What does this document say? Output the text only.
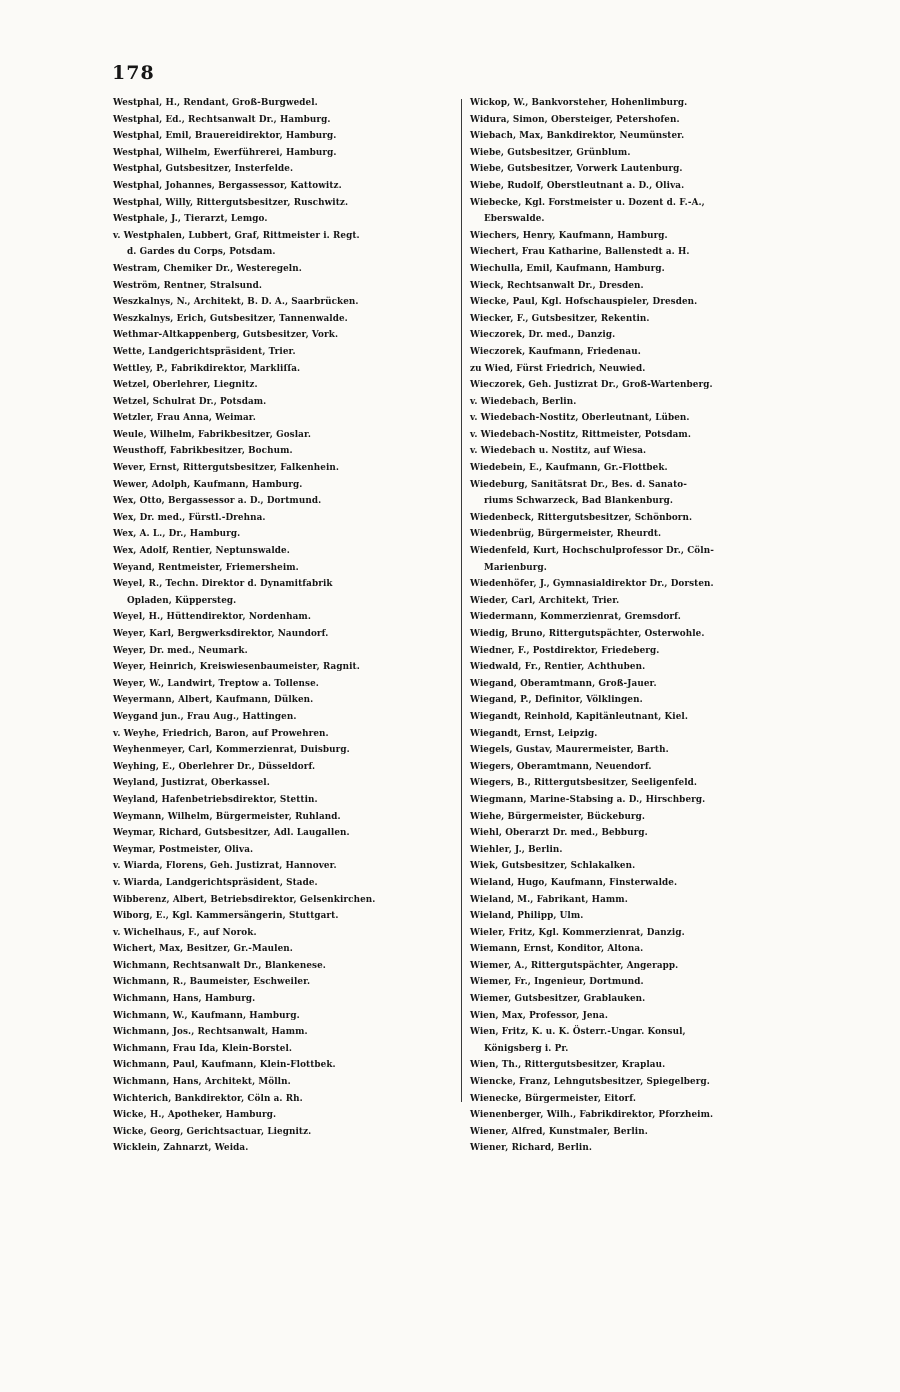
178
Westphal, H., Rendant, Groß-Burgwedel.
Westphal, Ed., Rechtsanwalt Dr., Hamburg.
Westphal, Emil, Brauereidirektor, Hamburg.
Westphal, Wilhelm, Ewerführerei, Hamburg.
Westphal, Gutsbesitzer, Insterfelde.
Westphal, Johannes, Bergassessor, Kattowitz.
Westphal, Willy, Rittergutsbesitzer, Ruschwitz.
Westphale, J., Tierarzt, Lemgo.
v. Westphalen, Lubbert, Graf, Rittmeister i. Regt.
d. Gardes du Corps, Potsdam.
Westram, Chemiker Dr., Westeregeln.
Weström, Rentner, Stralsund.
Weszkalnys, N., Architekt, B. D. A., Saarbrücken.
Weszkalnys, Erich, Gutsbesitzer, Tannenwalde.
Wethmar-Altkappenberg, Gutsbesitzer, Vork.
Wette, Landgerichtspräsident, Trier.
Wettley, P., Fabrikdirektor, Markliſſa.
Wetzel, Oberlehrer, Liegnitz.
Wetzel, Schulrat Dr., Potsdam.
Wetzler, Frau Anna, Weimar.
Weule, Wilhelm, Fabrikbesitzer, Goslar.
Weusthoff, Fabrikbesitzer, Bochum.
Wever, Ernst, Rittergutsbesitzer, Falkenhein.
Wewer, Adolph, Kaufmann, Hamburg.
Wex, Otto, Bergassessor a. D., Dortmund.
Wex, Dr. med., Fürstl.-Drehna.
Wex, A. L., Dr., Hamburg.
Wex, Adolf, Rentier, Neptunswalde.
Weyand, Rentmeister, Friemersheim.
Weyel, R., Techn. Direktor d. Dynamitfabrik
Opladen, Küppersteg.
Weyel, H., Hüttendirektor, Nordenham.
Weyer, Karl, Bergwerksdirektor, Naundorf.
Weyer, Dr. med., Neumark.
Weyer, Heinrich, Kreiswiesenbaumeister, Ragnit.
Weyer, W., Landwirt, Treptow a. Tollense.
Weyermann, Albert, Kaufmann, Dülken.
Weygand jun., Frau Aug., Hattingen.
v. Weyhe, Friedrich, Baron, auf Prowehren.
Weyhenmeyer, Carl, Kommerzienrat, Duisburg.
Weyhing, E., Oberlehrer Dr., Düsseldorf.
Weyland, Justizrat, Oberkassel.
Weyland, Hafenbetriebsdirektor, Stettin.
Weymann, Wilhelm, Bürgermeister, Ruhland.
Weymar, Richard, Gutsbesitzer, Adl. Laugallen.
Weymar, Postmeister, Oliva.
v. Wiarda, Florens, Geh. Justizrat, Hannover.
v. Wiarda, Landgerichtspräsident, Stade.
Wibberenz, Albert, Betriebsdirektor, Gelsenkirchen.
Wiborg, E., Kgl. Kammersängerin, Stuttgart.
v. Wichelhaus, F., auf Norok.
Wichert, Max, Besitzer, Gr.-Maulen.
Wichmann, Rechtsanwalt Dr., Blankenese.
Wichmann, R., Baumeister, Eschweiler.
Wichmann, Hans, Hamburg.
Wichmann, W., Kaufmann, Hamburg.
Wichmann, Jos., Rechtsanwalt, Hamm.
Wichmann, Frau Ida, Klein-Borstel.
Wichmann, Paul, Kaufmann, Klein-Flottbek.
Wichmann, Hans, Architekt, Mölln.
Wichterich, Bankdirektor, Cöln a. Rh.
Wicke, H., Apotheker, Hamburg.
Wicke, Georg, Gerichtsactuar, Liegnitz.
Wicklein, Zahnarzt, Weida.
Wickop, W., Bankvorsteher, Hohenlimburg.
Widura, Simon, Obersteiger, Petershofen.
Wiebach, Max, Bankdirektor, Neumünster.
Wiebe, Gutsbesitzer, Grünblum.
Wiebe, Gutsbesitzer, Vorwerk Lautenburg.
Wiebe, Rudolf, Oberstleutnant a. D., Oliva.
Wiebecke, Kgl. Forstmeister u. Dozent d. F.-A.,
Eberswalde.
Wiechers, Henry, Kaufmann, Hamburg.
Wiechert, Frau Katharine, Ballenstedt a. H.
Wiechulla, Emil, Kaufmann, Hamburg.
Wieck, Rechtsanwalt Dr., Dresden.
Wiecke, Paul, Kgl. Hofschauspieler, Dresden.
Wiecker, F., Gutsbesitzer, Rekentin.
Wieczorek, Dr. med., Danzig.
Wieczorek, Kaufmann, Friedenau.
zu Wied, Fürst Friedrich, Neuwied.
Wieczorek, Geh. Justizrat Dr., Groß-Wartenberg.
v. Wiedebach, Berlin.
v. Wiedebach-Nostitz, Oberleutnant, Lüben.
v. Wiedebach-Nostitz, Rittmeister, Potsdam.
v. Wiedebach u. Nostitz, auf Wiesa.
Wiedebein, E., Kaufmann, Gr.-Flottbek.
Wiedeburg, Sanitätsrat Dr., Bes. d. Sanato-
riums Schwarzeck, Bad Blankenburg.
Wiedenbeck, Rittergutsbesitzer, Schönborn.
Wiedenbrüg, Bürgermeister, Rheurdt.
Wiedenfeld, Kurt, Hochschulprofessor Dr., Cöln-
Marienburg.
Wiedenhöfer, J., Gymnasialdirektor Dr., Dorsten.
Wieder, Carl, Architekt, Trier.
Wiedermann, Kommerzienrat, Gremsdorf.
Wiedig, Bruno, Rittergutspächter, Osterwohle.
Wiedner, F., Postdirektor, Friedeberg.
Wiedwald, Fr., Rentier, Achthuben.
Wiegand, Oberamtmann, Groß-Jauer.
Wiegand, P., Definitor, Völklingen.
Wiegandt, Reinhold, Kapitänleutnant, Kiel.
Wiegandt, Ernst, Leipzig.
Wiegels, Gustav, Maurermeister, Barth.
Wiegers, Oberamtmann, Neuendorf.
Wiegers, B., Rittergutsbesitzer, Seeligenfeld.
Wiegmann, Marine-Stabsing a. D., Hirschberg.
Wiehe, Bürgermeister, Bückeburg.
Wiehl, Oberarzt Dr. med., Bebburg.
Wiehler, J., Berlin.
Wiek, Gutsbesitzer, Schlakalken.
Wieland, Hugo, Kaufmann, Finsterwalde.
Wieland, M., Fabrikant, Hamm.
Wieland, Philipp, Ulm.
Wieler, Fritz, Kgl. Kommerzienrat, Danzig.
Wiemann, Ernst, Konditor, Altona.
Wiemer, A., Rittergutspächter, Angerapp.
Wiemer, Fr., Ingenieur, Dortmund.
Wiemer, Gutsbesitzer, Grablauken.
Wien, Max, Professor, Jena.
Wien, Fritz, K. u. K. Österr.-Ungar. Konsul,
Königsberg i. Pr.
Wien, Th., Rittergutsbesitzer, Kraplau.
Wiencke, Franz, Lehngutsbesitzer, Spiegelberg.
Wienecke, Bürgermeister, Eitorf.
Wienenberger, Wilh., Fabrikdirektor, Pforzheim.
Wiener, Alfred, Kunstmaler, Berlin.
Wiener, Richard, Berlin.
